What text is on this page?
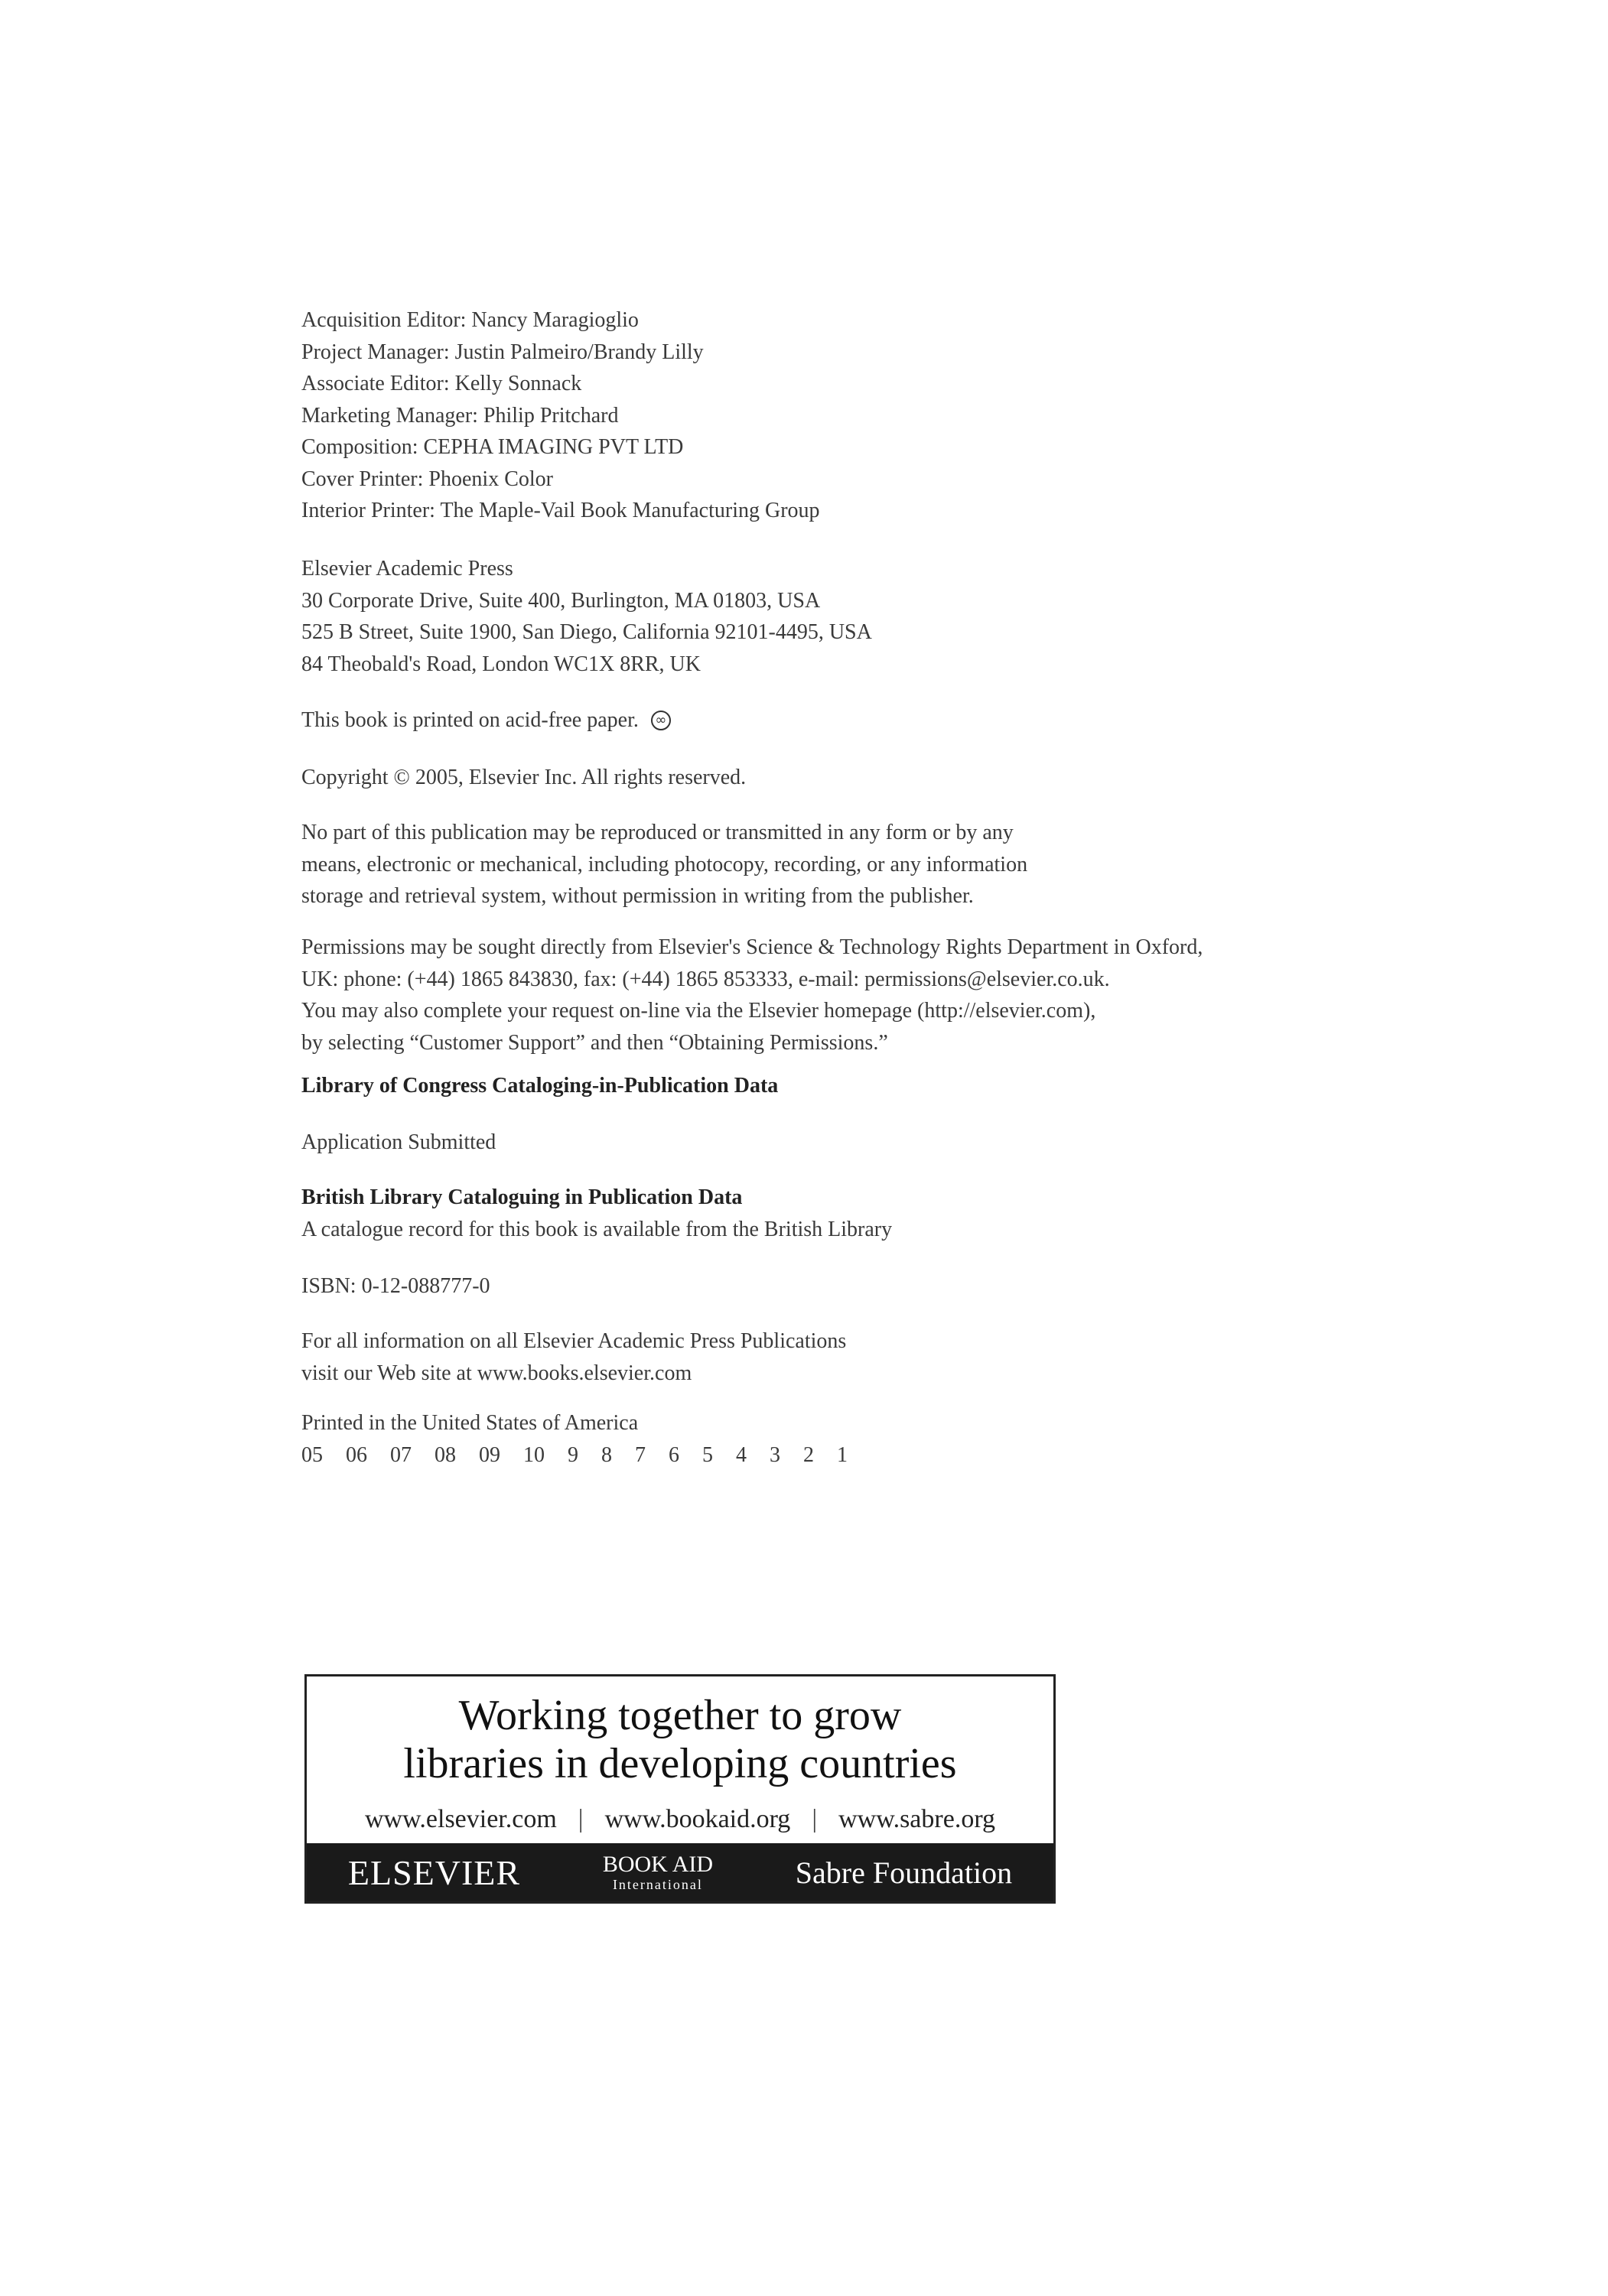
Acquisition Editor: Nancy Maragioglio
Project Manager: Justin Palmeiro/Brandy Lilly
Associate Editor: Kelly Sonnack
Marketing Manager: Philip Pritchard
Composition: CEPHA IMAGING PVT LTD
Cover Printer: Phoenix Color
Interior Printer: The Maple-Vail Book Manufacturing Group
Elsevier Academic Press
30 Corporate Drive, Suite 400, Burlington, MA 01803, USA
525 B Street, Suite 1900, San Diego, California 92101-4495, USA
84 Theobald's Road, London WC1X 8RR, UK
This book is printed on acid-free paper.	∞
Copyright © 2005, Elsevier Inc. All rights reserved.
No part of this publication may be reproduced or transmitted in any form or by any
means, electronic or mechanical, including photocopy, recording, or any information
storage and retrieval system, without permission in writing from the publisher.
Permissions may be sought directly from Elsevier's Science & Technology Rights Department in Oxford,
UK: phone: (+44) 1865 843830, fax: (+44) 1865 853333, e-mail: permissions@elsevier.co.uk.
You may also complete your request on-line via the Elsevier homepage (http://elsevier.com),
by selecting “Customer Support” and then “Obtaining Permissions.”
Library of Congress Cataloging-in-Publication Data
Application Submitted
British Library Cataloguing in Publication Data
A catalogue record for this book is available from the British Library
ISBN: 0-12-088777-0
For all information on all Elsevier Academic Press Publications
visit our Web site at www.books.elsevier.com
Printed in the United States of America
05 06 07 08 09 10 9 8 7 6 5 4 3 2 1
Working together to grow
libraries in developing countries
www.elsevier.com | www.bookaid.org | www.sabre.org
ELSEVIER	BOOK AID
International	Sabre Foundation
